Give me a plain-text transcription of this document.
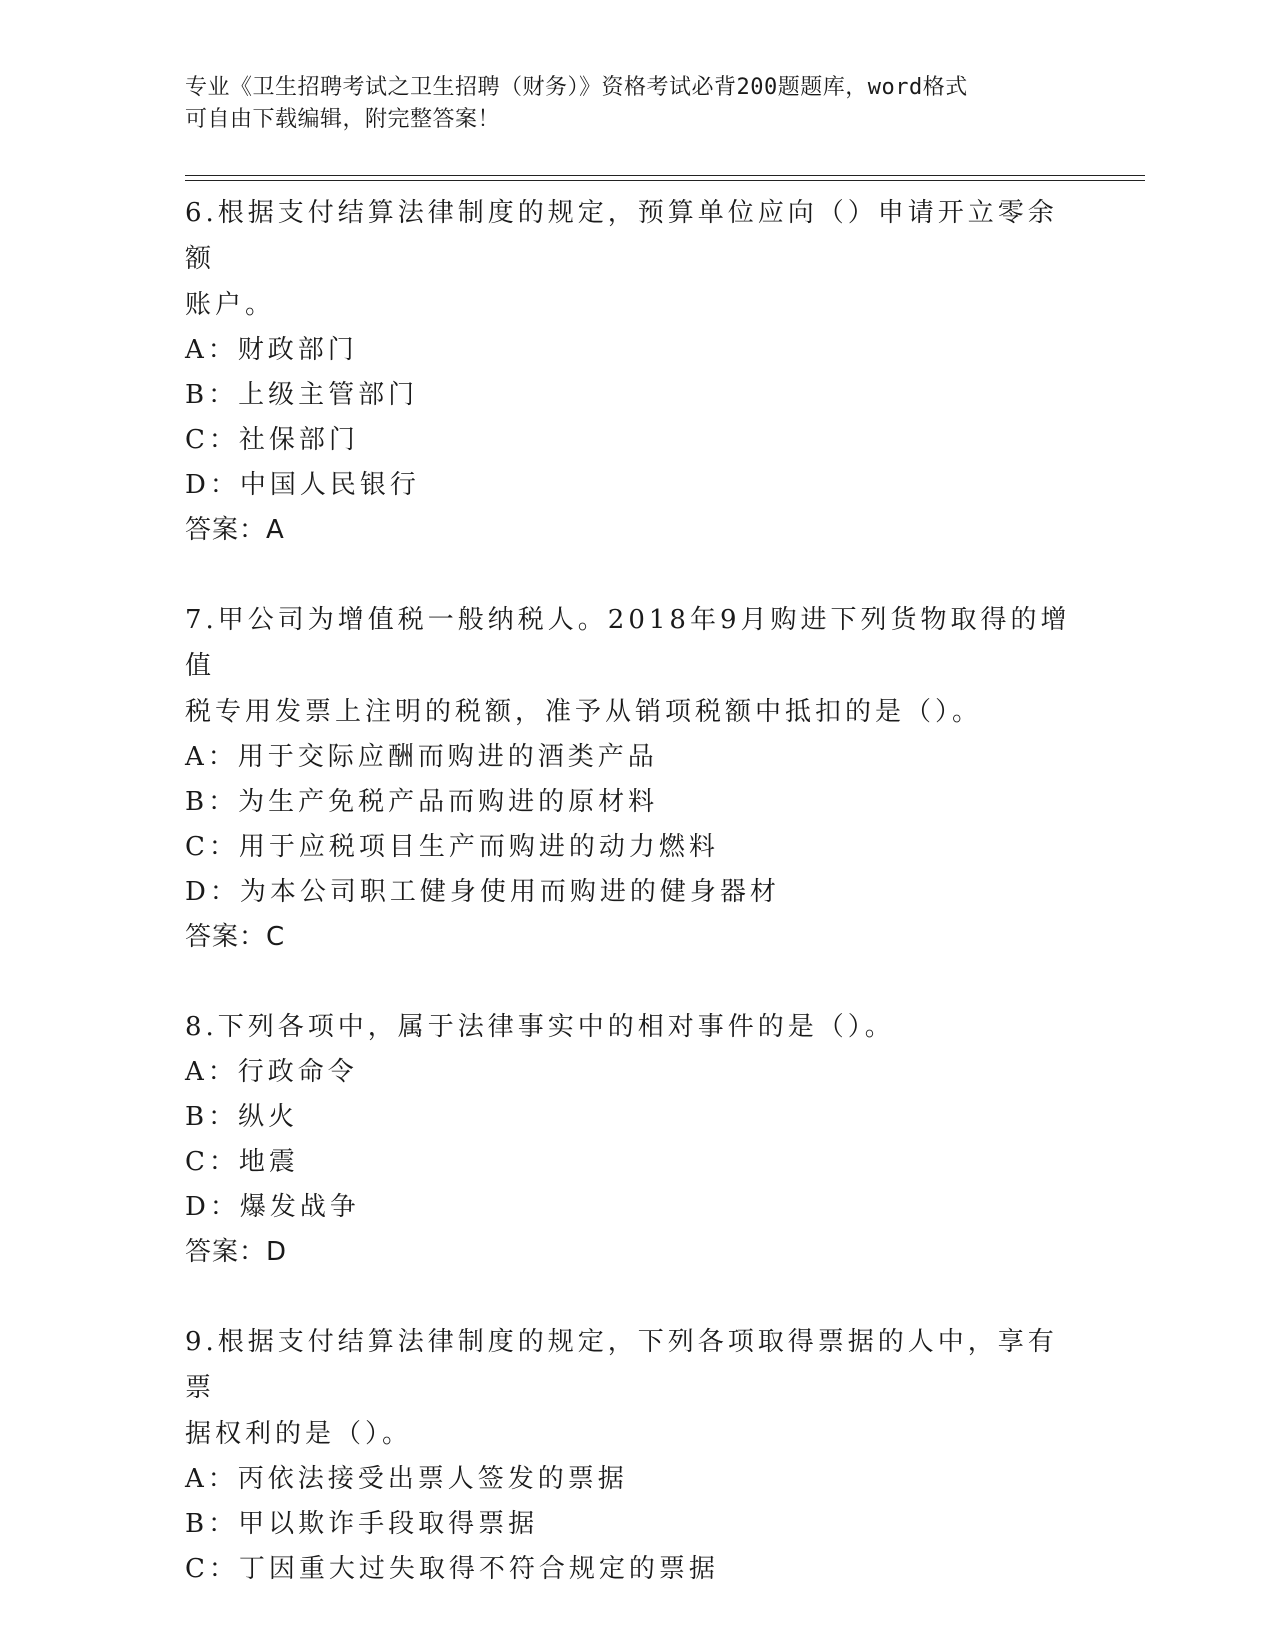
专业《卫生招聘考试之卫生招聘（财务）》资格考试必背200题题库，word格式
可自由下载编辑，附完整答案！
6.根据支付结算法律制度的规定，预算单位应向（）申请开立零余额
账户。
A：财政部门
B：上级主管部门
C：社保部门
D：中国人民银行
答案：A
7.甲公司为增值税一般纳税人。2018年9月购进下列货物取得的增值
税专用发票上注明的税额，准予从销项税额中抵扣的是（）。
A：用于交际应酬而购进的酒类产品
B：为生产免税产品而购进的原材料
C：用于应税项目生产而购进的动力燃料
D：为本公司职工健身使用而购进的健身器材
答案：C
8.下列各项中，属于法律事实中的相对事件的是（）。
A：行政命令
B：纵火
C：地震
D：爆发战争
答案：D
9.根据支付结算法律制度的规定，下列各项取得票据的人中，享有票
据权利的是（）。
A：丙依法接受出票人签发的票据
B：甲以欺诈手段取得票据
C：丁因重大过失取得不符合规定的票据
